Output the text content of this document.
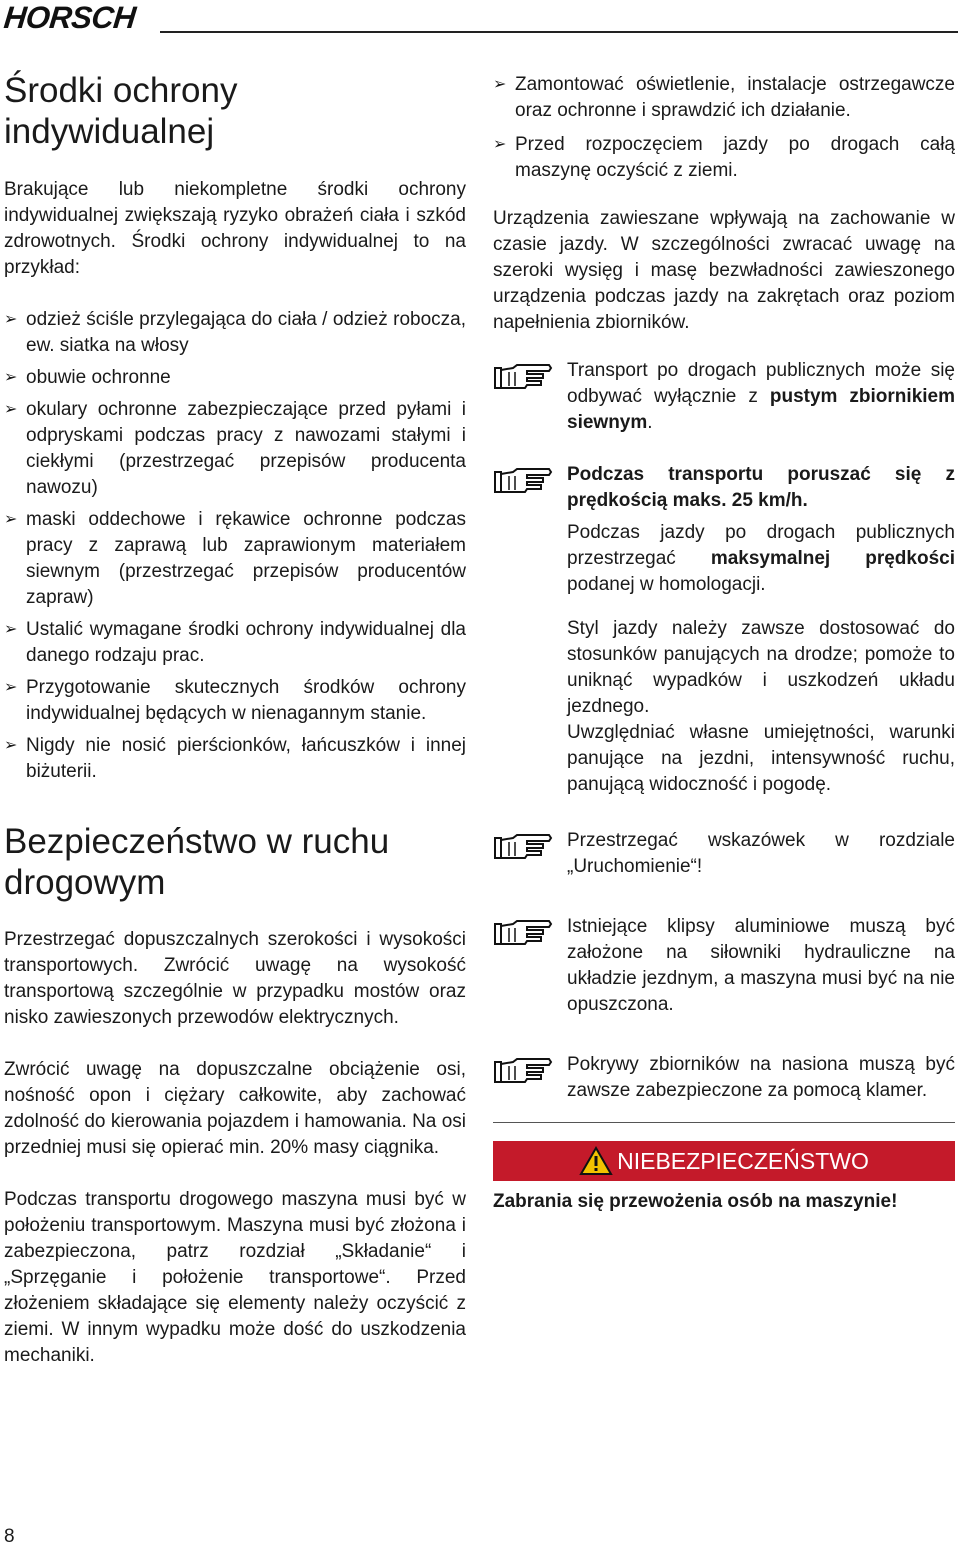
HORSCH
Środki ochrony
indywidualnej

Brakujące lub niekompletne środki ochrony indywidualnej zwiększają ryzyko obrażeń ciała i szkód zdrowotnych. Środki ochrony indywidualnej to na przykład:

➢ odzież ściśle przylegająca do ciała / odzież robocza, ew. siatka na włosy
➢ obuwie ochronne
➢ okulary ochronne zabezpieczające przed pyłami i odpryskami podczas pracy z nawozami stałymi i ciekłymi (przestrzegać przepisów producenta nawozu)
➢ maski oddechowe i rękawice ochronne podczas pracy z zaprawą lub zaprawionym materiałem siewnym (przestrzegać przepisów producentów zapraw)
➢ Ustalić wymagane środki ochrony indywidualnej dla danego rodzaju prac.
➢ Przygotowanie skutecznych środków ochrony indywidualnej będących w nienagannym stanie.
➢ Nigdy nie nosić pierścionków, łańcuszków i innej biżuterii.
Bezpieczeństwo w ruchu
drogowym

Przestrzegać dopuszczalnych szerokości i wysokości transportowych. Zwrócić uwagę na wysokość transportową szczególnie w przypadku mostów oraz nisko zawieszonych przewodów elektrycznych.

Zwrócić uwagę na dopuszczalne obciążenie osi, nośność opon i ciężary całkowite, aby zachować zdolność do kierowania pojazdem i hamowania. Na osi przedniej musi się opierać min. 20% masy ciągnika.

Podczas transportu drogowego maszyna musi być w położeniu transportowym. Maszyna musi być złożona i zabezpieczona, patrz rozdział „Składanie“ i „Sprzęganie i położenie transportowe“. Przed złożeniem składające się elementy należy oczyścić z ziemi. W innym wypadku może dość do uszkodzenia mechaniki.

➢ Zamontować oświetlenie, instalacje ostrzegawcze oraz ochronne i sprawdzić ich działanie.
➢ Przed rozpoczęciem jazdy po drogach całą maszynę oczyścić z ziemi.

Urządzenia zawieszane wpływają na zachowanie w czasie jazdy. W szczególności zwracać uwagę na szeroki wysięg i masę bezwładności zawieszonego urządzenia podczas jazdy na zakrętach oraz poziom napełnienia zbiorników.

Transport po drogach publicznych może się odbywać wyłącznie z pustym zbiornikiem siewnym.

Podczas transportu poruszać się z prędkością maks. 25 km/h.

Podczas jazdy po drogach publicznych przestrzegać maksymalnej prędkości podanej w homologacji.

Styl jazdy należy zawsze dostosować do stosunków panujących na drodze; pomoże to uniknąć wypadków i uszkodzeń układu jezdnego.

Uwzględniać własne umiejętności, warunki panujące na jezdni, intensywność ruchu, panującą widoczność i pogodę.

Przestrzegać wskazówek w rozdziale „Uruchomienie“!

Istniejące klipsy aluminiowe muszą być założone na siłowniki hydrauliczne na układzie jezdnym, a maszyna musi być na nie opuszczona.

Pokrywy zbiorników na nasiona muszą być zawsze zabezpieczone za pomocą klamer.

NIEBEZPIECZEŃSTWO
Zabrania się przewożenia osób na maszynie!
8
